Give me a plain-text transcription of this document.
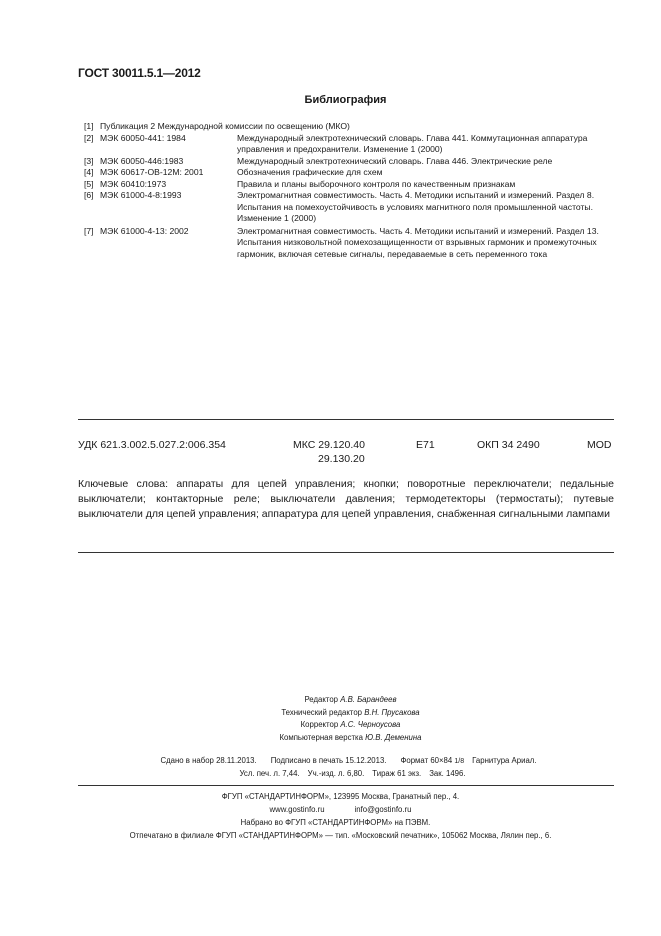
ГОСТ 30011.5.1—2012
Библиография
[1] Публикация 2 Международной комиссии по освещению (МКО)
[2] МЭК 60050-441: 1984	Международный электротехнический словарь. Глава 441. Коммутационная аппаратура управления и предохранители. Изменение 1 (2000)
[3] МЭК 60050-446:1983	Международный электротехнический словарь. Глава 446. Электрические реле
[4] МЭК 60617-ОВ-12М: 2001	Обозначения графические для схем
[5] МЭК 60410:1973	Правила и планы выборочного контроля по качественным признакам
[6] МЭК 61000-4-8:1993	Электромагнитная совместимость. Часть 4. Методики испытаний и измерений. Раздел 8. Испытания на помехоустойчивость в условиях магнитного поля промышленной частоты. Изменение 1 (2000)
[7] МЭК 61000-4-13: 2002	Электромагнитная совместимость. Часть 4. Методики испытаний и измерений. Раздел 13. Испытания низковольтной помехозащищенности от взрывных гармоник и промежуточных гармоник, включая сетевые сигналы, передаваемые в сеть переменного тока
УДК 621.3.002.5.027.2:006.354	МКС 29.120.40
29.130.20
Е71	ОКП 34 2490	MOD
Ключевые слова: аппараты для цепей управления; кнопки; поворотные переключатели; педальные выключатели; контакторные реле; выключатели давления; термодетекторы (термостаты); путевые выключатели для цепей управления; аппаратура для цепей управления, снабженная сигнальными лампами
Редактор А.В. Барандеев
Технический редактор В.Н. Прусакова
Корректор А.С. Черноусова
Компьютерная верстка Ю.В. Деменина
Сдано в набор 28.11.2013. Подписано в печать 15.12.2013. Формат 60×84 1/8 Гарнитура Ариал.
Усл. печ. л. 7,44. Уч.-изд. л. 6,80. Тираж 61 экз. Зак. 1496.
ФГУП «СТАНДАРТИНФОРМ», 123995 Москва, Гранатный пер., 4.
www.gostinfo.ru	info@gostinfo.ru
Набрано во ФГУП «СТАНДАРТИНФОРМ» на ПЭВМ.
Отпечатано в филиале ФГУП «СТАНДАРТИНФОРМ» — тип. «Московский печатник», 105062 Москва, Лялин пер., 6.
